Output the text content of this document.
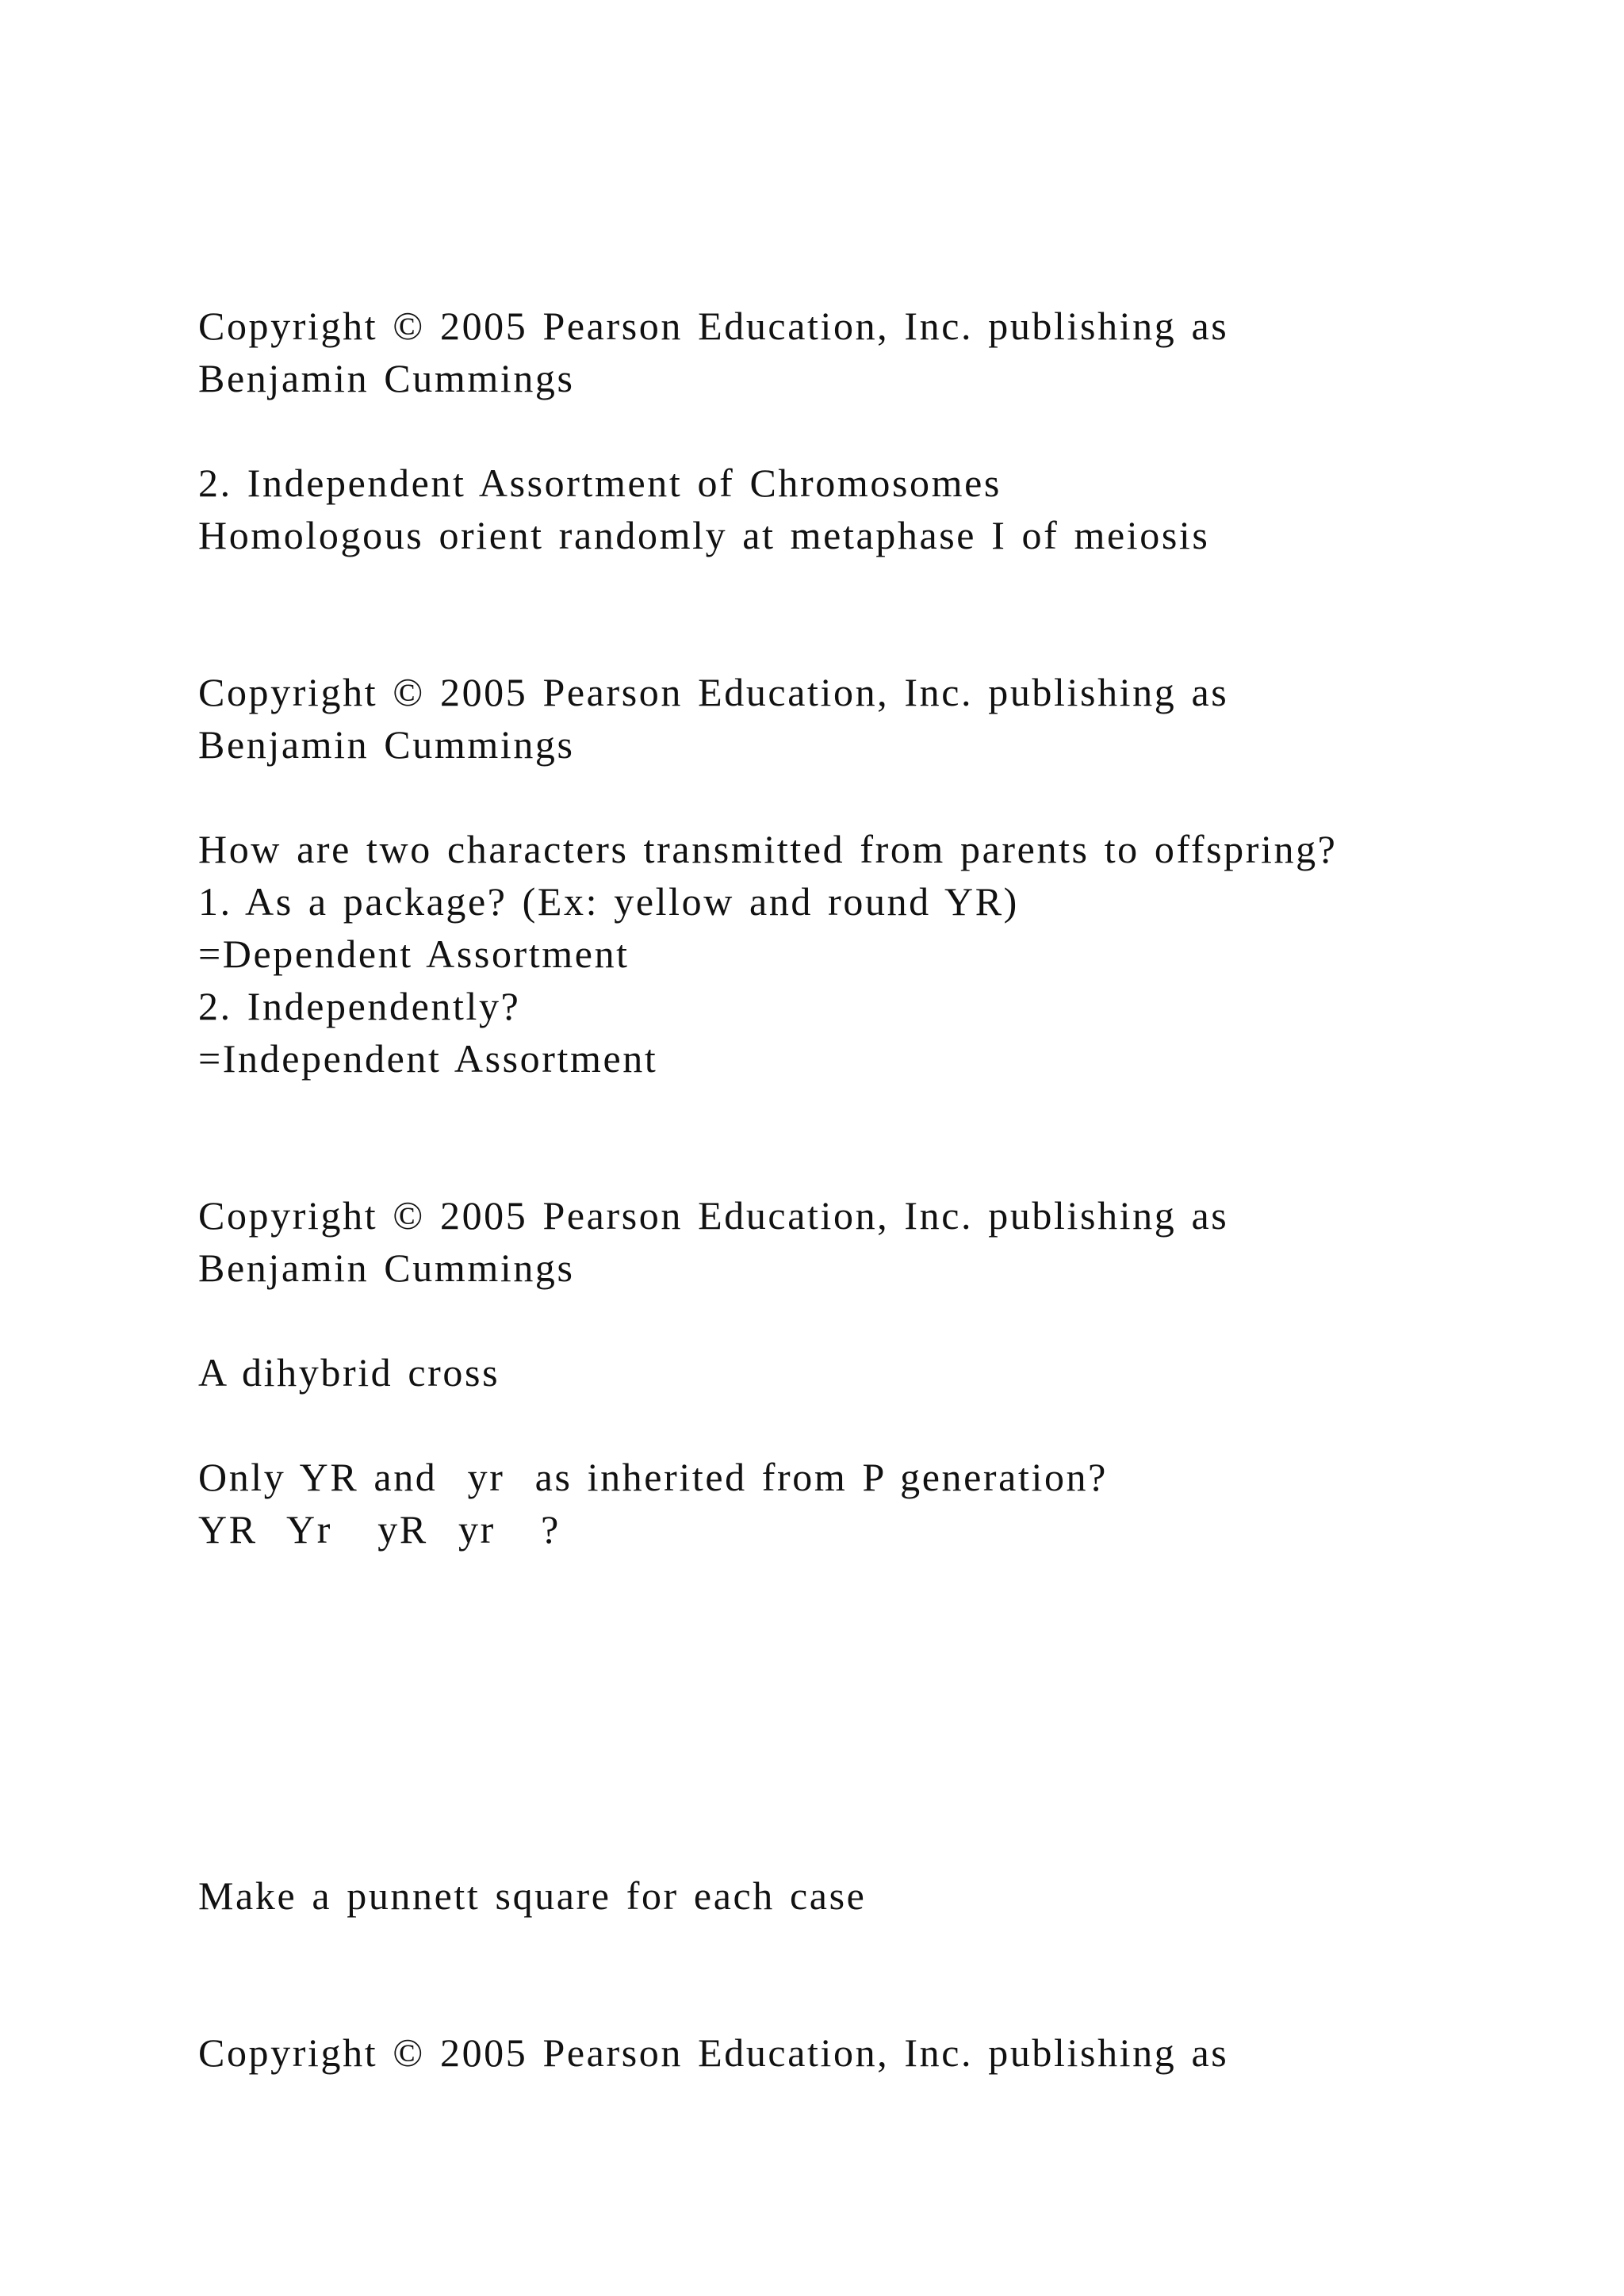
Copyright © 2005 Pearson Education, Inc. publishing as
Benjamin Cummings
2. Independent Assortment of Chromosomes
Homologous orient randomly at metaphase I of meiosis
Copyright © 2005 Pearson Education, Inc. publishing as
Benjamin Cummings
How are two characters transmitted from parents to offspring?
1. As a package? (Ex: yellow and round YR)
=Dependent Assortment
2. Independently?
=Independent Assortment
Copyright © 2005 Pearson Education, Inc. publishing as
Benjamin Cummings
A dihybrid cross
Only YR and  yr  as inherited from P generation?
YR  Yr   yR  yr   ?
Make a punnett square for each case
Copyright © 2005 Pearson Education, Inc. publishing as
